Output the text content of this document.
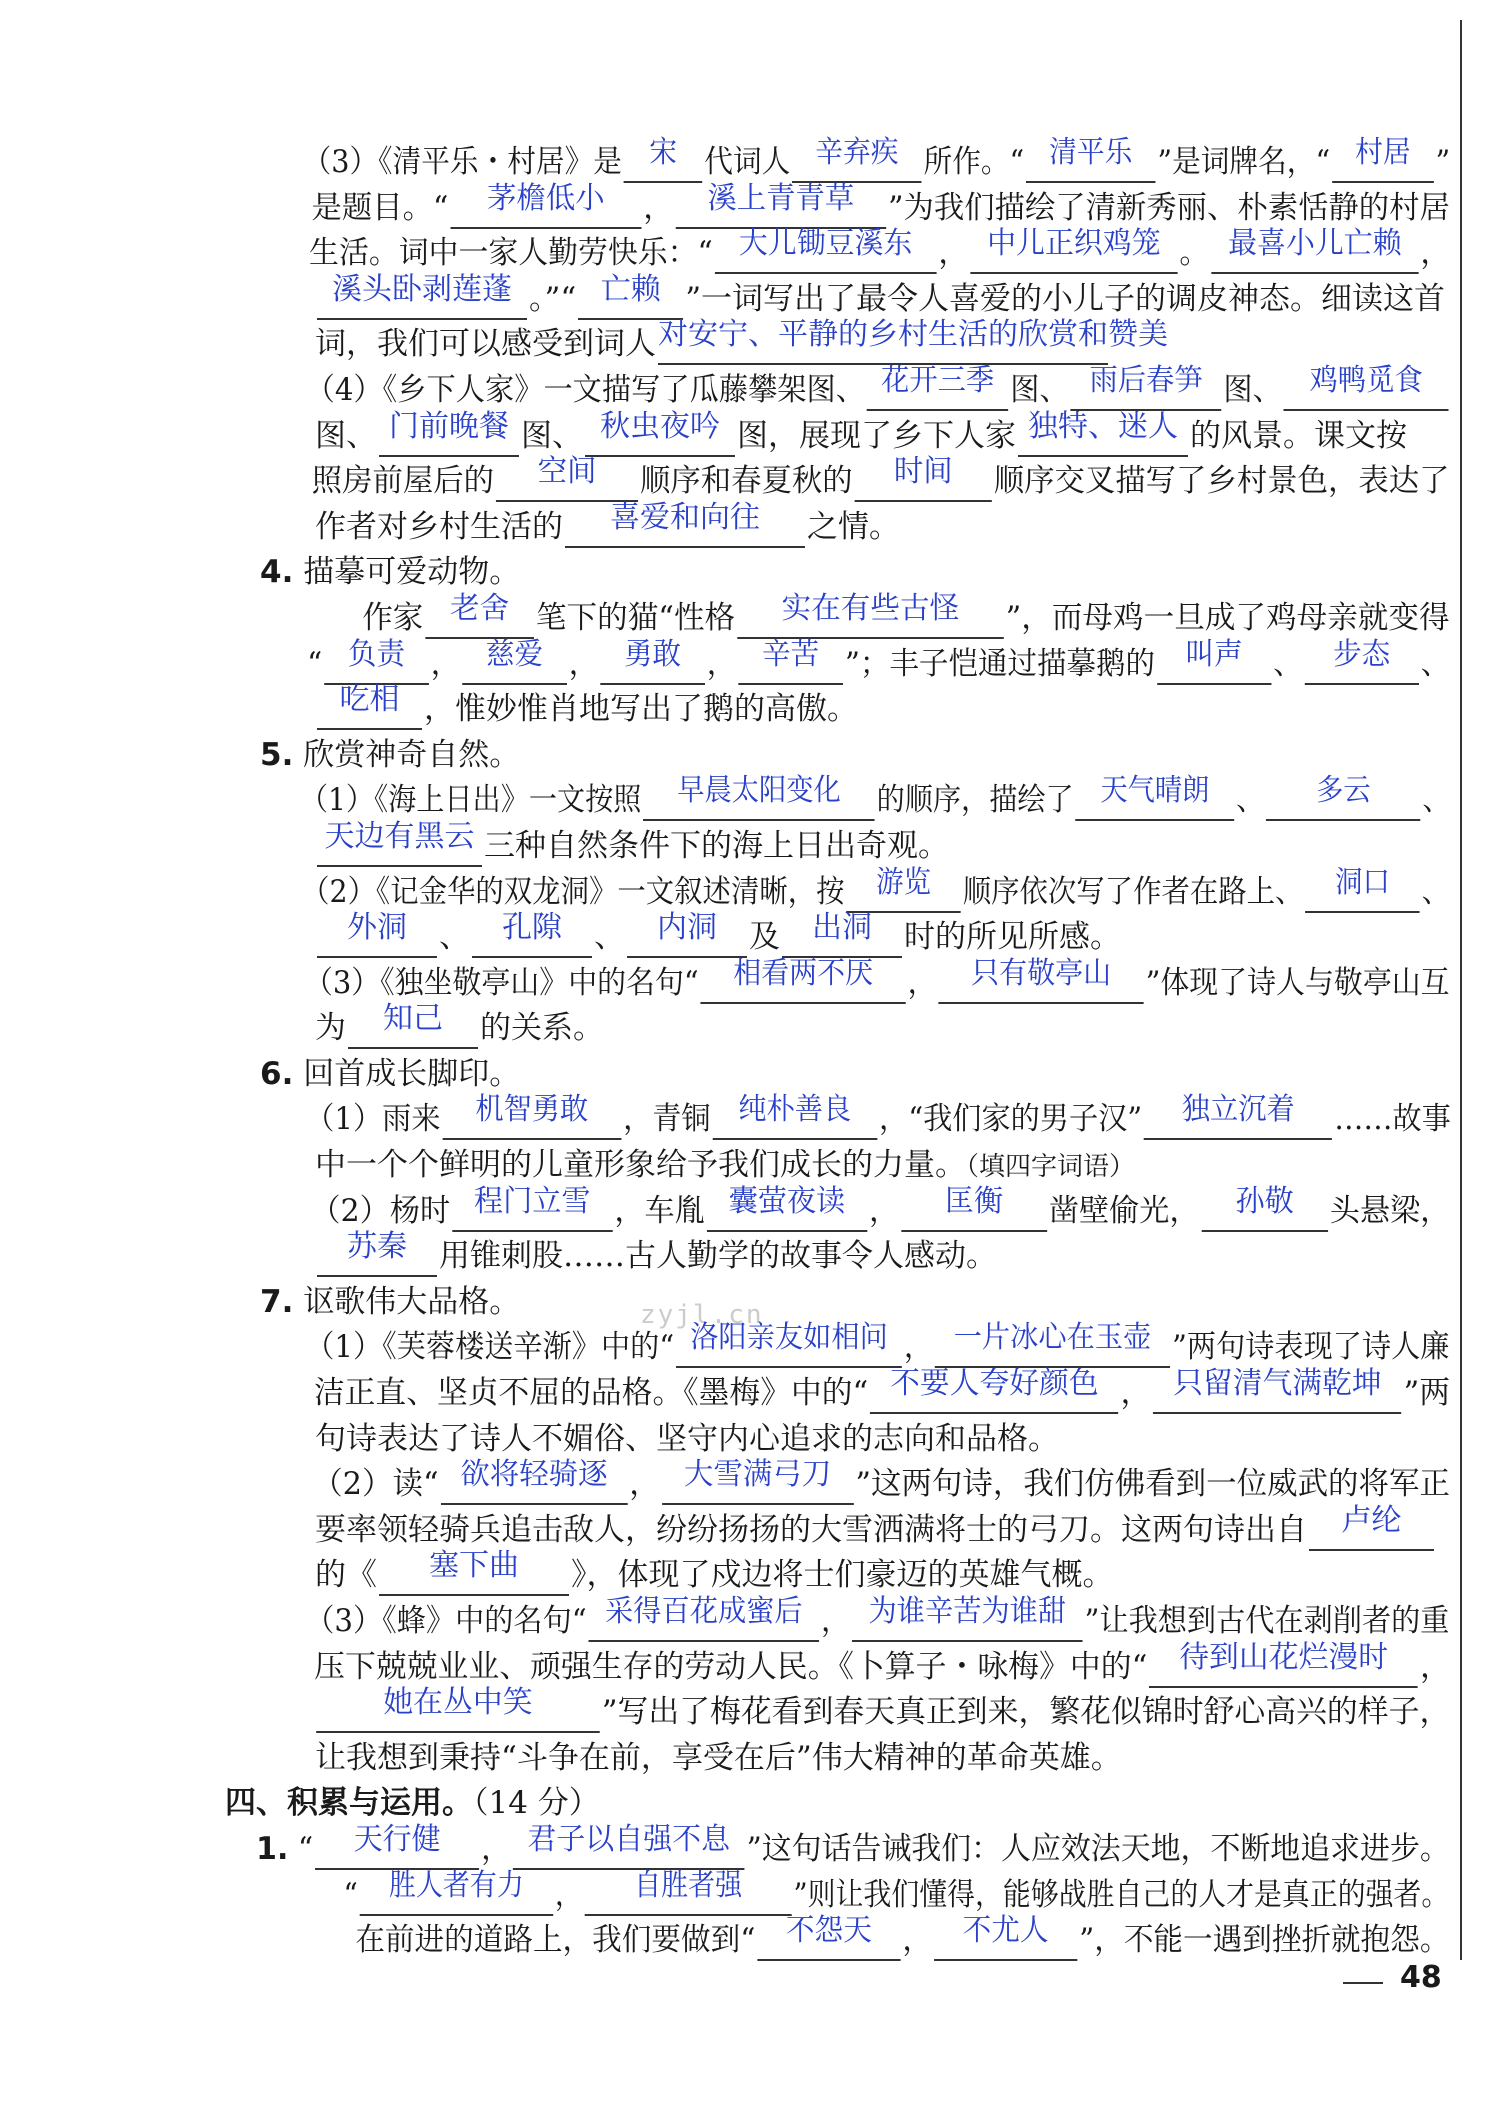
zyjl.cn
（3）《清平乐・村居》是 宋 代词人 辛弃疾 所作。“ 清平乐 ”是词牌名，“ 村居 ”
是题目。“ 茅檐低小 ， 溪上青青草 ”为我们描绘了清新秀丽、朴素恬静的村居
生活。词中一家人勤劳快乐：“ 大儿锄豆溪东 ， 中儿正织鸡笼 。 最喜小儿亡赖 ，
溪头卧剥莲蓬 。”“ 亡赖 ”一词写出了最令人喜爱的小儿子的调皮神态。细读这首
词，我们可以感受到词人对安宁、平静的乡村生活的欣赏和赞美
（4）《乡下人家》一文描写了瓜藤攀架图、 花开三季 图、 雨后春笋 图、 鸡鸭觅食
图、 门前晚餐 图、 秋虫夜吟 图，展现了乡下人家 独特、迷人 的风景。课文按
照房前屋后的 空间 顺序和春夏秋的 时间 顺序交叉描写了乡村景色，表达了
作者对乡村生活的 喜爱和向往 之情。
4. 描摹可爱动物。
作家 老舍 笔下的猫“性格 实在有些古怪 ”，而母鸡一旦成了鸡母亲就变得
“ 负责 ， 慈爱 ， 勇敢 ， 辛苦 ”；丰子恺通过描摹鹅的 叫声 、 步态 、
吃相 ，惟妙惟肖地写出了鹅的高傲。
5. 欣赏神奇自然。
（1）《海上日出》一文按照 早晨太阳变化 的顺序，描绘了 天气晴朗 、 多云 、
天边有黑云 三种自然条件下的海上日出奇观。
（2）《记金华的双龙洞》一文叙述清晰，按 游览 顺序依次写了作者在路上、 洞口 、
外洞 、 孔隙 、 内洞 及 出洞 时的所见所感。
（3）《独坐敬亭山》中的名句“ 相看两不厌 ， 只有敬亭山 ”体现了诗人与敬亭山互
为 知己 的关系。
6. 回首成长脚印。
（1）雨来 机智勇敢 ，青铜 纯朴善良 ，“我们家的男子汉” 独立沉着 ……故事
中一个个鲜明的儿童形象给予我们成长的力量。（填四字词语）
（2）杨时 程门立雪 ，车胤 囊萤夜读 ， 匡衡 凿壁偷光， 孙敬 头悬梁，
苏秦 用锥刺股……古人勤学的故事令人感动。
7. 讴歌伟大品格。
（1）《芙蓉楼送辛渐》中的“ 洛阳亲友如相问 ， 一片冰心在玉壶 ”两句诗表现了诗人廉
洁正直、坚贞不屈的品格。《墨梅》中的“ 不要人夸好颜色 ， 只留清气满乾坤 ”两
句诗表达了诗人不媚俗、坚守内心追求的志向和品格。
（2）读“ 欲将轻骑逐 ， 大雪满弓刀 ”这两句诗，我们仿佛看到一位威武的将军正
要率领轻骑兵追击敌人，纷纷扬扬的大雪洒满将士的弓刀。这两句诗出自 卢纶
的《 塞下曲 》，体现了戍边将士们豪迈的英雄气概。
（3）《蜂》中的名句“ 采得百花成蜜后 ， 为谁辛苦为谁甜 ”让我想到古代在剥削者的重
压下兢兢业业、顽强生存的劳动人民。《卜算子・咏梅》中的“ 待到山花烂漫时 ，
她在丛中笑 ”写出了梅花看到春天真正到来，繁花似锦时舒心高兴的样子，
让我想到秉持“斗争在前，享受在后”伟大精神的革命英雄。
四、积累与运用。（14 分）
1. “ 天行健 ， 君子以自强不息 ”这句话告诫我们：人应效法天地，不断地追求进步。
“ 胜人者有力 ， 自胜者强 ”则让我们懂得，能够战胜自己的人才是真正的强者。
在前进的道路上，我们要做到“ 不怨天 ， 不尤人 ”，不能一遇到挫折就抱怨。
48
